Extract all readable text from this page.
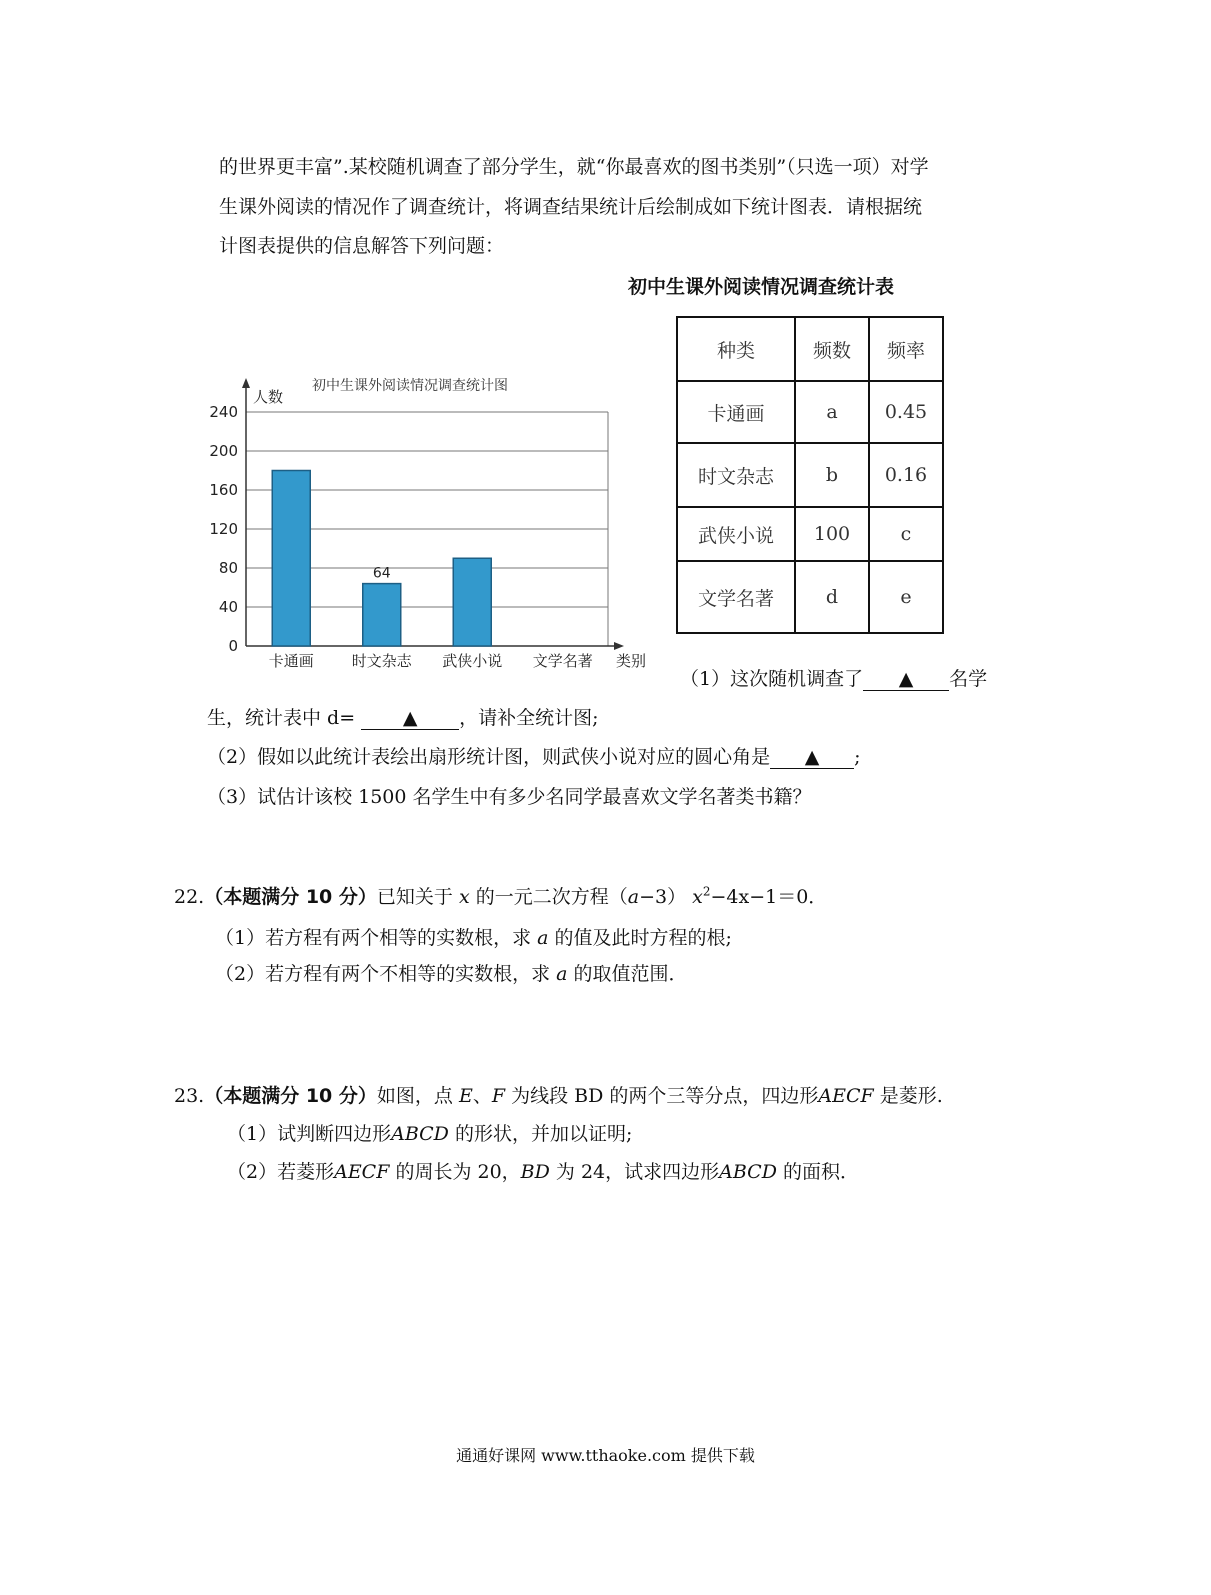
的世界更丰富”.某校随机调查了部分学生，就“你最喜欢的图书类别”（只选一项）对学
生课外阅读的情况作了调查统计，将调查结果统计后绘制成如下统计图表．请根据统
计图表提供的信息解答下列问题：
初中生课外阅读情况调查统计表
种类	频数	频率
卡通画	a	0.45
时文杂志	b	0.16
武侠小说	100	c
文学名著	d	e
初中生课外阅读情况调查统计图
人数
类别
0
40
80
120
160
200
240
卡通画	时文杂志 武侠小说 文学名著
64
（1）这次随机调查了 ▲ 名学
生，统计表中 d=	▲ ，请补全统计图;
（2）假如以此统计表绘出扇形统计图，则武侠小说对应的圆心角是 ▲ ;
（3）试估计该校 1500 名学生中有多少名同学最喜欢文学名著类书籍？
22.（本题满分 10 分）已知关于 x 的一元二次方程（a−3） $x^2-4x-1=0$．
（1）若方程有两个相等的实数根，求 a 的值及此时方程的根;
（2）若方程有两个不相等的实数根，求 a 的取值范围．
23.（本题满分 10 分）如图，点 E、F 为线段 BD 的两个三等分点，四边形AECF 是菱形.
（1）试判断四边形ABCD 的形状，并加以证明;
（2）若菱形AECF 的周长为 20，BD 为 24，试求四边形ABCD 的面积．
通通好课网 www.tthaoke.com 提供下载
